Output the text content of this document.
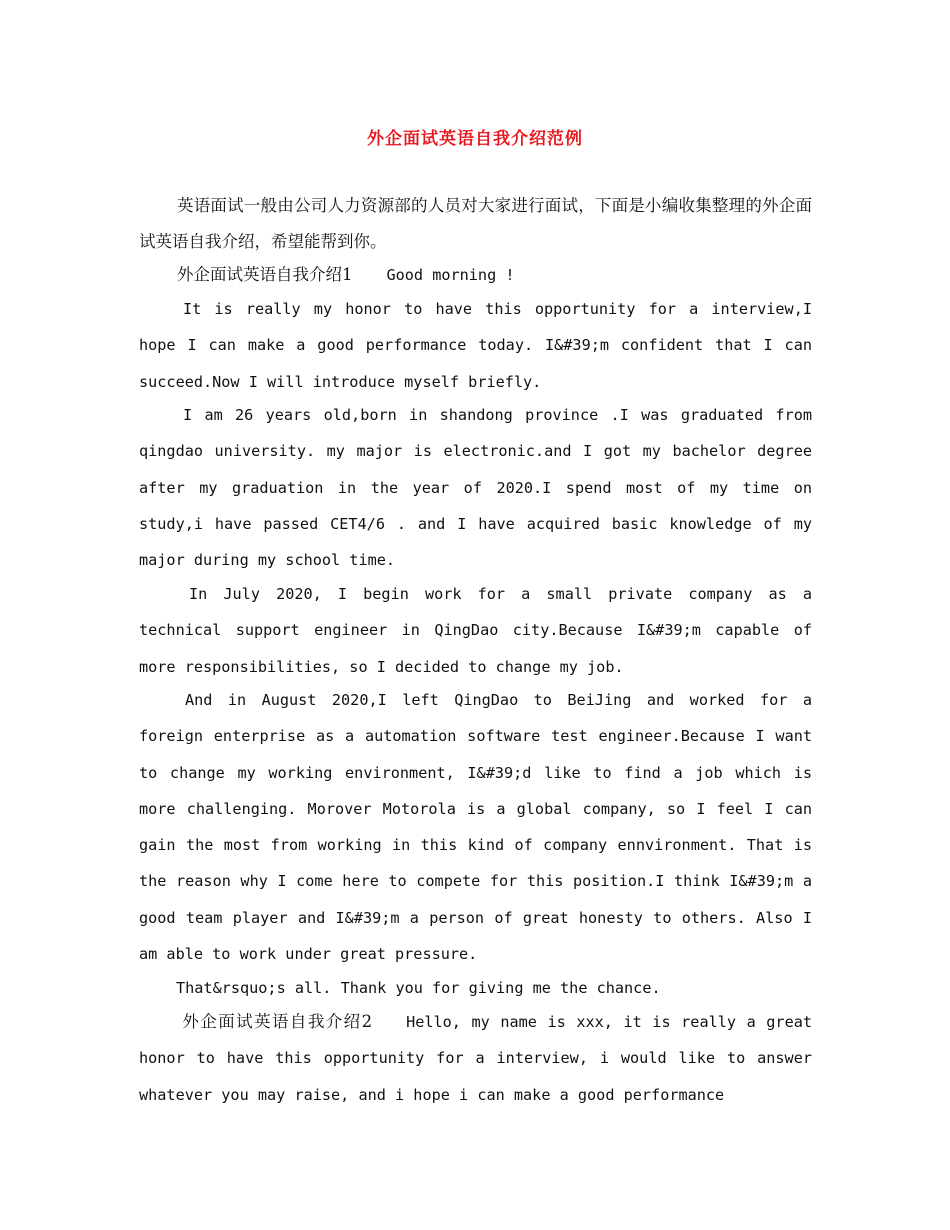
外企面试英语自我介绍范例
英语面试一般由公司人力资源部的人员对大家进行面试，下面是小编收集整理的外企面试英语自我介绍，希望能帮到你。
外企面试英语自我介绍1 Good morning !
It is really my honor to have this opportunity for a interview,I hope I can make a good performance today. I&#39;m confident that I can succeed.Now I will introduce myself briefly.
I am 26 years old,born in shandong province .I was graduated from qingdao university. my major is electronic.and I got my bachelor degree after my graduation in the year of 2020.I spend most of my time on study,i have passed CET4/6 . and I have acquired basic knowledge of my major during my school time.
In July 2020, I begin work for a small private company as a technical support engineer in QingDao city.Because I&#39;m capable of more responsibilities, so I decided to change my job.
And in August 2020,I left QingDao to BeiJing and worked for a foreign enterprise as a automation software test engineer.Because I want to change my working environment, I&#39;d like to find a job which is more challenging. Morover Motorola is a global company, so I feel I can gain the most from working in this kind of company ennvironment. That is the reason why I come here to compete for this position.I think I&#39;m a good team player and I&#39;m a person of great honesty to others. Also I am able to work under great pressure.
That&rsquo;s all. Thank you for giving me the chance.
外企面试英语自我介绍2 Hello, my name is xxx, it is really a great honor to have this opportunity for a interview, i would like to answer whatever you may raise, and i hope i can make a good performance
